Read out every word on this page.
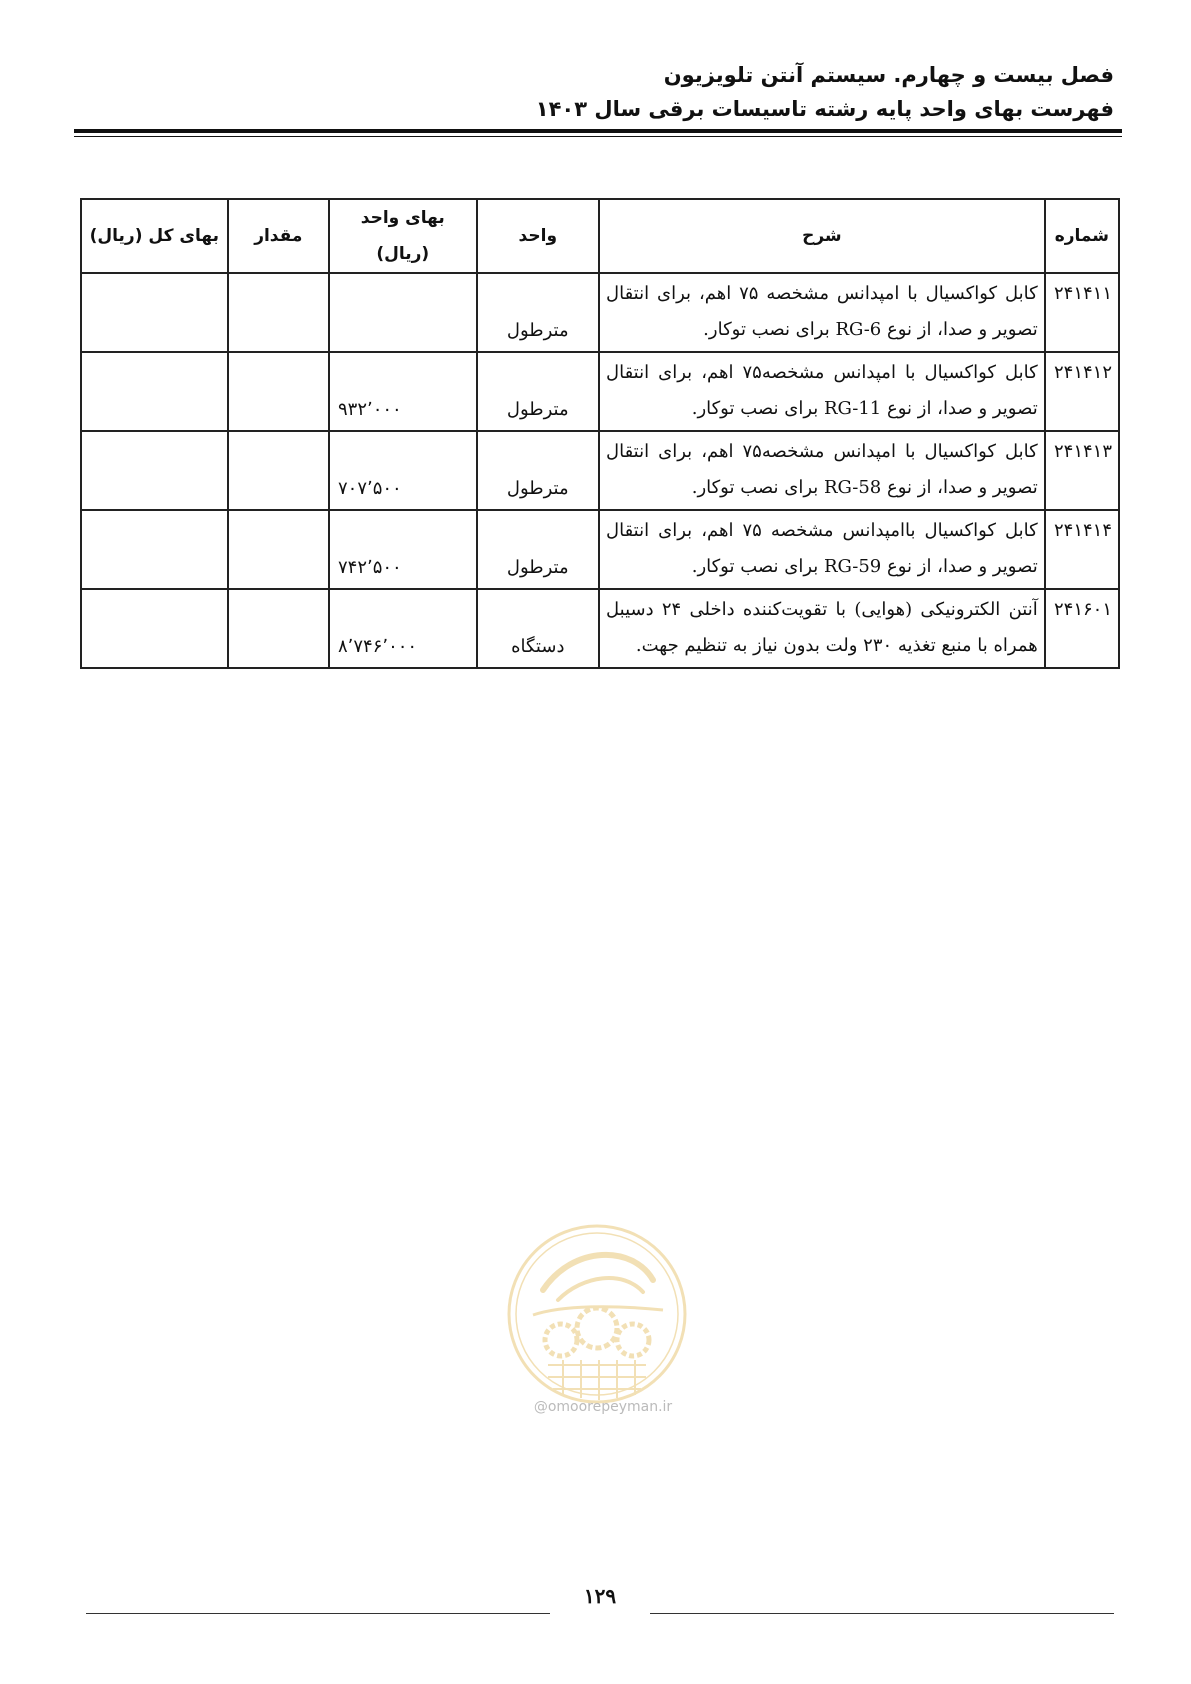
فصل بیست و چهارم. سیستم آنتن تلویزیون
فهرست بهای واحد پایه رشته تاسیسات برقی سال ۱۴۰۳
شماره	شرح	واحد	بهای واحد (ریال)	مقدار	بهای کل (ریال)
۲۴۱۴۱۱	کابل کواکسیال با امپدانس مشخصه ۷۵ اهم، برای انتقال تصویر و صدا، از نوع RG-6 برای نصب توکار.	مترطول			
۲۴۱۴۱۲	کابل کواکسیال با امپدانس مشخصه۷۵ اهم، برای انتقال تصویر و صدا، از نوع RG-11 برای نصب توکار.	مترطول	۹۳۲٬۰۰۰		
۲۴۱۴۱۳	کابل کواکسیال با امپدانس مشخصه۷۵ اهم، برای انتقال تصویر و صدا، از نوع RG-58 برای نصب توکار.	مترطول	۷۰۷٬۵۰۰		
۲۴۱۴۱۴	کابل کواکسیال باامپدانس مشخصه ۷۵ اهم، برای انتقال تصویر و صدا، از نوع RG-59 برای نصب توکار.	مترطول	۷۴۲٬۵۰۰		
۲۴۱۶۰۱	آنتن الکترونیکی (هوایی) با تقویت‌کننده داخلی ۲۴ دسیبل همراه با منبع تغذیه ۲۳۰ ولت بدون نیاز به تنظیم جهت.	دستگاه	۸٬۷۴۶٬۰۰۰		
@omoorepeyman.ir
۱۲۹
